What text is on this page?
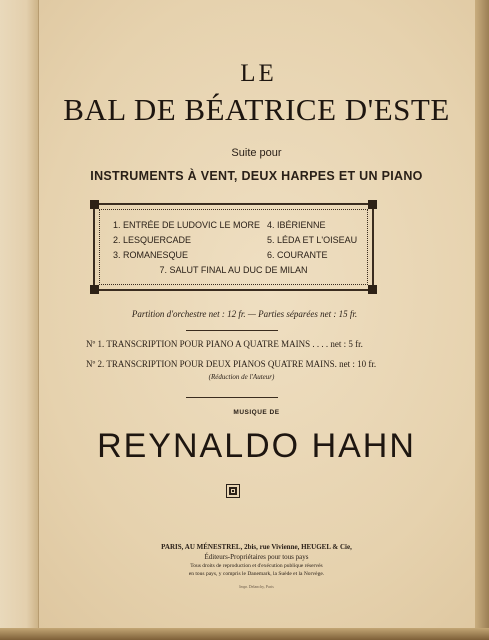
LE
BAL DE BÉATRICE D'ESTE
Suite pour
INSTRUMENTS À VENT, DEUX HARPES ET UN PIANO
1. ENTRÉE DE LUDOVIC LE MORE
2. LESQUERCADE
3. ROMANESQUE
4. IBÉRIENNE
5. LÉDA ET L'OISEAU
6. COURANTE
7. SALUT FINAL AU DUC DE MILAN
Partition d'orchestre net : 12 fr. — Parties séparées net : 15 fr.
Nº 1. TRANSCRIPTION POUR PIANO A QUATRE MAINS . . . . net : 5 fr.
Nº 2. TRANSCRIPTION POUR DEUX PIANOS QUATRE MAINS. net : 10 fr.
(Réduction de l'Auteur)
MUSIQUE DE
REYNALDO HAHN
PARIS, AU MÉNESTREL, 2bis, rue Vivienne, HEUGEL & Cie,
Éditeurs-Propriétaires pour tous pays
Tous droits de reproduction et d'exécution publique réservés
en tous pays, y compris le Danemark, la Suède et la Norvège.
Impr. Delanchy, Paris
